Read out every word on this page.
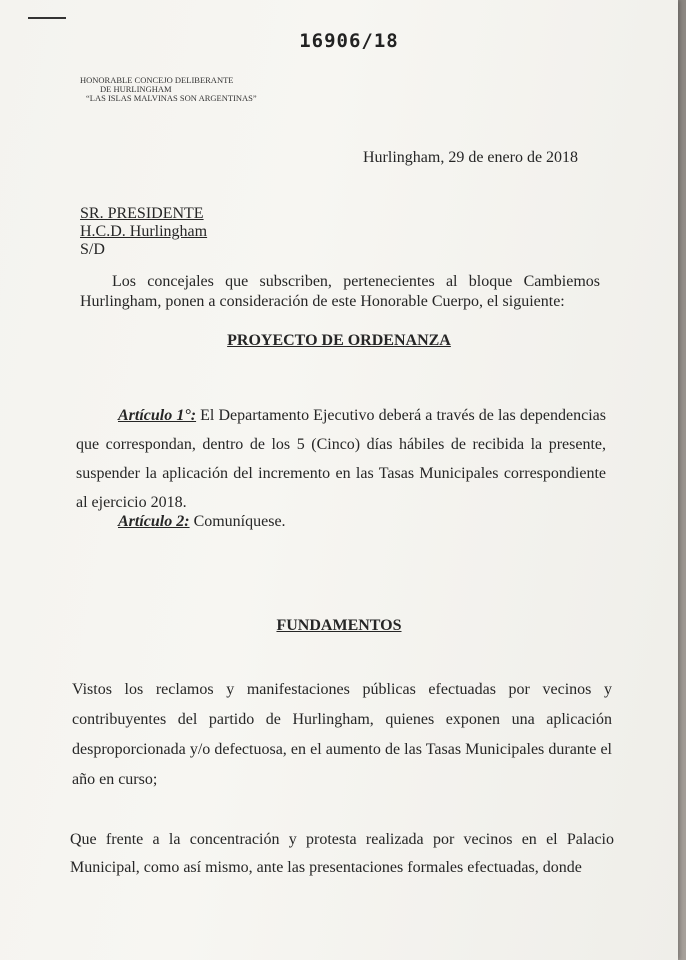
16906/18
HONORABLE CONCEJO DELIBERANTE
DE HURLINGHAM
“LAS ISLAS MALVINAS SON ARGENTINAS”
Hurlingham, 29 de enero de 2018
SR. PRESIDENTE
H.C.D. Hurlingham
S/D
Los concejales que subscriben, pertenecientes al bloque Cambiemos Hurlingham, ponen a consideración de este Honorable Cuerpo, el siguiente:
PROYECTO DE ORDENANZA
Artículo 1°: El Departamento Ejecutivo deberá a través de las dependencias que correspondan, dentro de los 5 (Cinco) días hábiles de recibida la presente, suspender la aplicación del incremento en las Tasas Municipales correspondiente al ejercicio 2018.
Artículo 2: Comuníquese.
FUNDAMENTOS
Vistos los reclamos y manifestaciones públicas efectuadas por vecinos y contribuyentes del partido de Hurlingham, quienes exponen una aplicación desproporcionada y/o defectuosa, en el aumento de las Tasas Municipales durante el año en curso;
Que frente a la concentración y protesta realizada por vecinos en el Palacio Municipal, como así mismo, ante las presentaciones formales efectuadas, donde
